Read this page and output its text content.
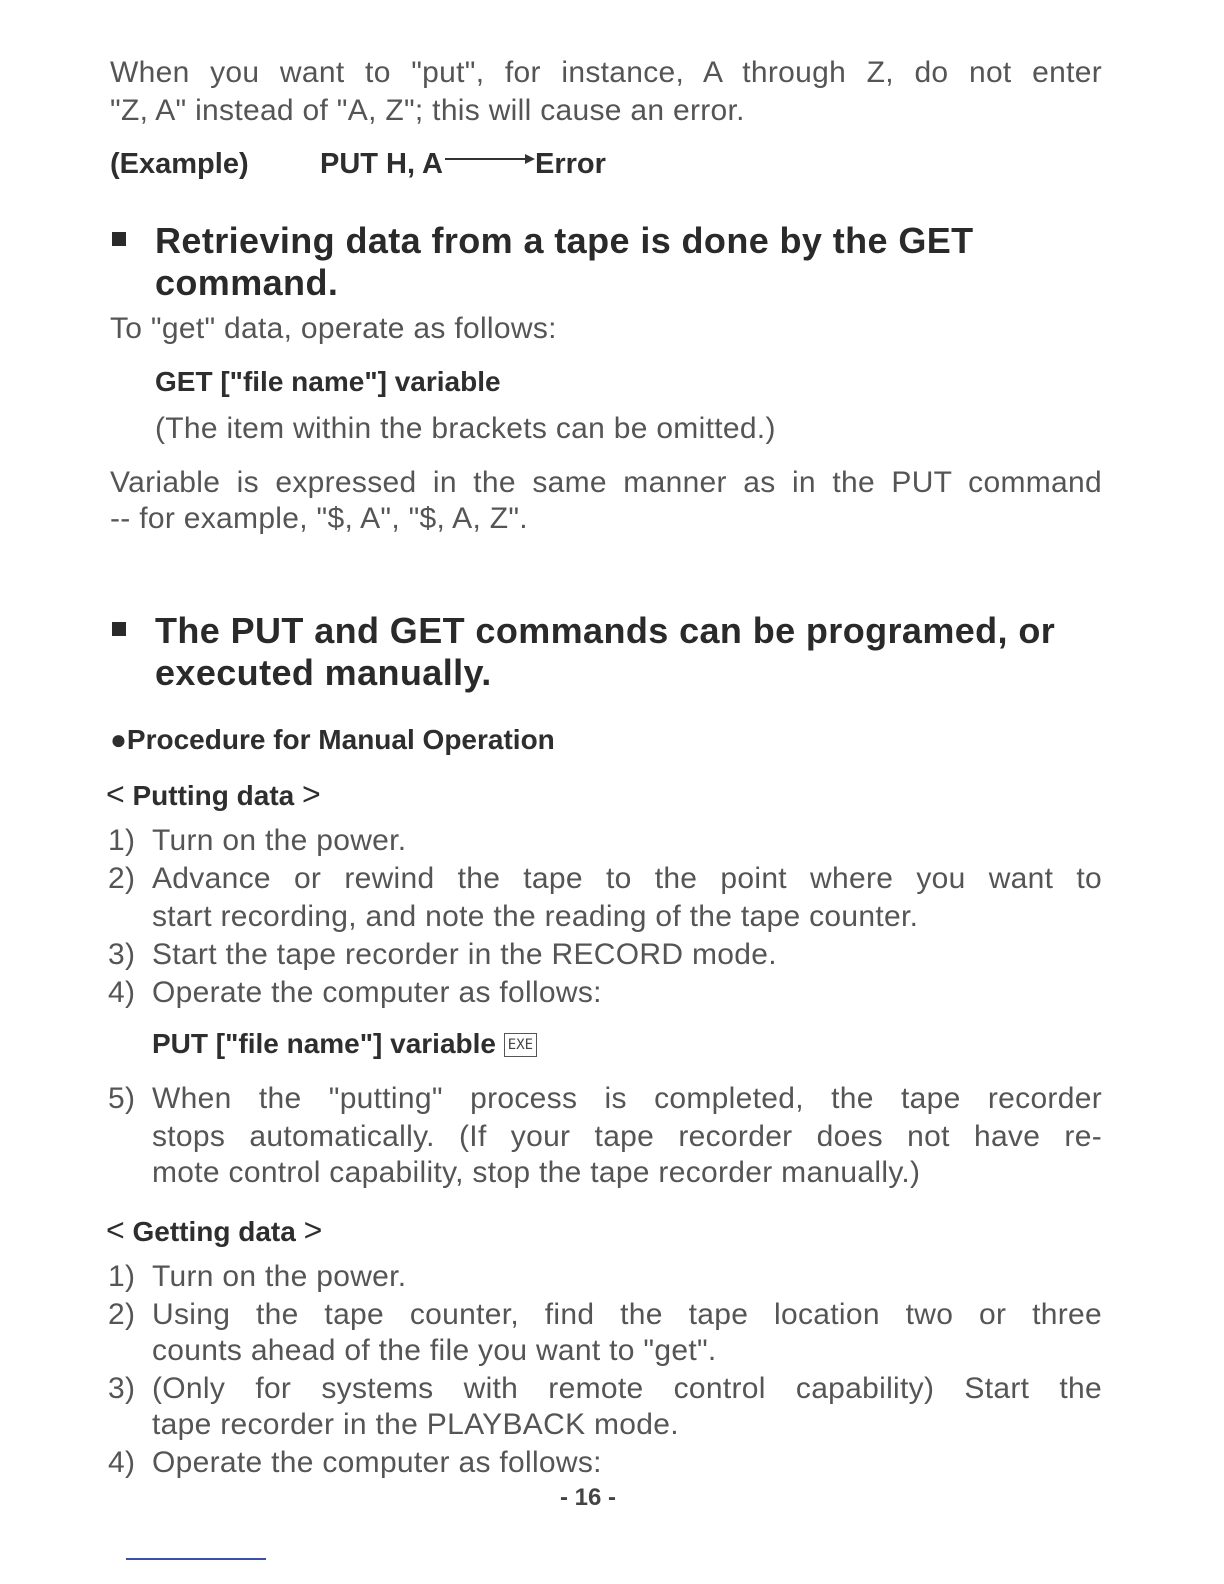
When you want to "put", for instance, A through Z, do not enter
"Z, A" instead of "A, Z"; this will cause an error.
(Example) PUT H, A	Error
Retrieving data from a tape is done by the GET
command.
To "get" data, operate as follows:
GET ["file name"] variable
(The item within the brackets can be omitted.)
Variable is expressed in the same manner as in the PUT command
-- for example, "$, A", "$, A, Z".
The PUT and GET commands can be programed, or
executed manually.
●Procedure for Manual Operation
< Putting data >
1) Turn on the power.
2) Advance or rewind the tape to the point where you want to
start recording, and note the reading of the tape counter.
3) Start the tape recorder in the RECORD mode.
4) Operate the computer as follows:
PUT ["file name"] variable EXE
5) When the "putting" process is completed, the tape recorder
stops automatically. (If your tape recorder does not have re-
mote control capability, stop the tape recorder manually.)
< Getting data >
1) Turn on the power.
2) Using the tape counter, find the tape location two or three
counts ahead of the file you want to "get".
3) (Only for systems with remote control capability) Start the
tape recorder in the PLAYBACK mode.
4) Operate the computer as follows:
- 16 -
